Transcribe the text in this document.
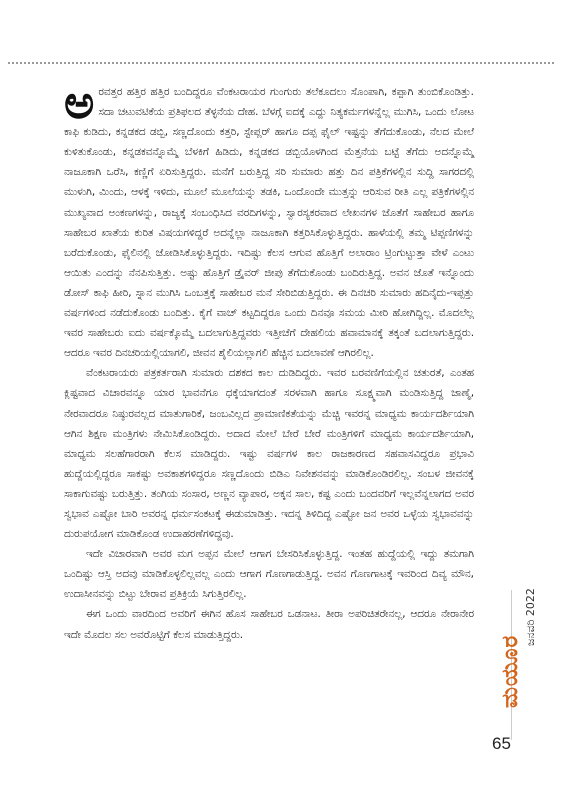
ಅರವತ್ತರ ಹತ್ತಿರ ಹತ್ತಿರ ಬಂದಿದ್ದರೂ ವೆಂಕಟರಾಯರ ಗುಂಗುರು ತಲೆಕೂದಲು ಸೊಂಪಾಗಿ, ಕಪ್ಪಾಗಿ ತುಂಬಿಕೊಂಡಿತ್ತು. ಸದಾ ಚಟುವಟಿಕೆಯ ಪ್ರತಿಫಲದ ತೆಳ್ಳನೆಯ ದೇಹ. ಬೆಳಗ್ಗೆ ಐದಕ್ಕೆ ಎದ್ದು ನಿತ್ಯಕರ್ಮಗಳನ್ನೆಲ್ಲ ಮುಗಿಸಿ, ಒಂದು ಲೋಟ ಕಾಫಿ ಕುಡಿದು, ಕನ್ನಡಕದ ಡಬ್ಬಿ, ಸಣ್ಣದೊಂದು ಕತ್ತರಿ, ಸ್ಟೇಪ್ಲರ್ ಹಾಗೂ ದಪ್ಪ ಫೈಲ್ ಇಷ್ಟನ್ನು ತೆಗೆದುಕೊಂಡು, ನೆಲದ ಮೇಲೆ ಕುಳಿತುಕೊಂಡು, ಕನ್ನಡಕವನ್ನೊಮ್ಮೆ ಬೆಳಕಿಗೆ ಹಿಡಿದು, ಕನ್ನಡಕದ ಡಬ್ಬಿಯೊಳಗಿಂದ ಮೆತ್ತನೆಯ ಬಟ್ಟೆ ತೆಗೆದು ಅದನ್ನೊಮ್ಮೆ ನಾಜೂಕಾಗಿ ಒರೆಸಿ, ಕಣ್ಣಿಗೆ ಏರಿಸುತ್ತಿದ್ದರು. ಮನೆಗೆ ಬರುತ್ತಿದ್ದ ಸರಿ ಸುಮಾರು ಹತ್ತು ದಿನ ಪತ್ರಿಕೆಗಳಲ್ಲಿನ ಸುದ್ದಿ ಸಾಗರದಲ್ಲಿ ಮುಳುಗಿ, ಮಿಂದು, ಆಳಕ್ಕೆ ಇಳಿದು, ಮೂಲೆ ಮೂಲೆಯನ್ನು ತಡಕಿ, ಒಂದೊಂದೇ ಮುತ್ತನ್ನು ಆರಿಸುವ ರೀತಿ ಎಲ್ಲ ಪತ್ರಿಕೆಗಳಲ್ಲಿನ ಮುಖ್ಯವಾದ ಅಂಕಣಗಳನ್ನು, ರಾಜ್ಯಕ್ಕೆ ಸಂಬಂಧಿಸಿದ ವರದಿಗಳನ್ನು, ಸ್ವಾರಸ್ಯಕರವಾದ ಲೇಖನಗಳ ಜೊತೆಗೆ ಸಾಹೇಬರ ಹಾಗೂ ಸಾಹೇಬರ ಖಾತೆಯ ಕುರಿತ ವಿಷಯಗಳಿದ್ದರೆ ಅದನ್ನೆಲ್ಲಾ ನಾಜೂಕಾಗಿ ಕತ್ತರಿಸಿಕೊಳ್ಳುತ್ತಿದ್ದರು. ಹಾಳೆಯಲ್ಲಿ ತಮ್ಮ ಟಿಪ್ಪಣಿಗಳನ್ನು ಬರೆದುಕೊಂಡು, ಫೈಲಿನಲ್ಲಿ ಜೋಡಿಸಿಕೊಳ್ಳುತ್ತಿದ್ದರು. ಇದಿಷ್ಟು ಕೆಲಸ ಆಗುವ ಹೊತ್ತಿಗೆ ಅಲಾರಾಂ ಟ್ರಿಂಗುಟ್ಟುತ್ತಾ ವೇಳೆ ಎಂಟು ಆಯಿತು ಎಂದನ್ನು ನೆನಪಿಸುತ್ತಿತ್ತು. ಅಷ್ಟು ಹೊತ್ತಿಗೆ ಡ್ರೈವರ್ ಜೀಪು ತೆಗೆದುಕೊಂಡು ಬಂದಿರುತ್ತಿದ್ದ. ಅವನ ಜೊತೆ ಇನ್ನೊಂದು ಡೋಸ್ ಕಾಫಿ ಹೀರಿ, ಸ್ನಾನ ಮುಗಿಸಿ ಒಂಬತ್ತಕ್ಕೆ ಸಾಹೇಬರ ಮನೆ ಸೇರಿಬಿಡುತ್ತಿದ್ದರು. ಈ ದಿನಚರಿ ಸುಮಾರು ಹದಿನೈದು-ಇಪ್ಪತ್ತು ವರ್ಷಗಳಿಂದ ನಡೆದುಕೊಂಡು ಬಂದಿತ್ತು. ಕೈಗೆ ವಾಚ್ ಕಟ್ಟದಿದ್ದರೂ ಒಂದು ದಿನವೂ ಸಮಯ ಮೀರಿ ಹೋಗಿದ್ದಿಲ್ಲ. ಮೊದಲೆಲ್ಲ ಇವರ ಸಾಹೇಬರು ಐದು ವರ್ಷಕ್ಕೊಮ್ಮೆ ಬದಲಾಗುತ್ತಿದ್ದವರು ಇತ್ತೀಚೆಗೆ ದೇಹಲಿಯ ಹವಾಮಾನಕ್ಕೆ ತಕ್ಕಂತೆ ಬದಲಾಗುತ್ತಿದ್ದರು. ಆದರೂ ಇವರ ದಿನಚರಿಯಲ್ಲಿಯಾಗಲಿ, ಜೀವನ ಶೈಲಿಯಲ್ಲಾಗಲಿ ಹೆಚ್ಚಿನ ಬದಲಾವಣೆ ಆಗಿರಲಿಲ್ಲ.

ವೆಂಕಟರಾಯರು ಪತ್ರಕರ್ತರಾಗಿ ಸುಮಾರು ದಶಕದ ಕಾಲ ದುಡಿದಿದ್ದರು. ಇವರ ಬರವಣಿಗೆಯಲ್ಲಿನ ಚತುರತೆ, ಎಂತಹ ಕ್ಲಿಷ್ಟವಾದ ವಿಚಾರವನ್ನೂ ಯಾರ ಭಾವನೆಗೂ ಧಕ್ಕೆಯಾಗದಂತೆ ಸರಳವಾಗಿ ಹಾಗೂ ಸೂಕ್ಷ್ಮವಾಗಿ ಮಂಡಿಸುತ್ತಿದ್ದ ಜಾಣ್ಮೆ, ನೇರವಾದರೂ ನಿಷ್ಠುರವಲ್ಲದ ಮಾತುಗಾರಿಕೆ, ಜಂಬವಿಲ್ಲದ ಪ್ರಾಮಾಣಿಕತೆಯನ್ನು ಮೆಚ್ಚಿ ಇವರನ್ನ ಮಾಧ್ಯಮ ಕಾರ್ಯದರ್ಶಿಯಾಗಿ ಆಗಿನ ಶಿಕ್ಷಣ ಮಂತ್ರಿಗಳು ನೇಮಿಸಿಕೊಂಡಿದ್ದರು. ಅದಾದ ಮೇಲೆ ಬೇರೆ ಬೇರೆ ಮಂತ್ರಿಗಳಿಗೆ ಮಾಧ್ಯಮ ಕಾರ್ಯದರ್ಶಿಯಾಗಿ, ಮಾಧ್ಯಮ ಸಲಹೆಗಾರರಾಗಿ ಕೆಲಸ ಮಾಡಿದ್ದರು. ಇಷ್ಟು ವರ್ಷಗಳ ಕಾಲ ರಾಜಕಾರಣದ ಸಹವಾಸವಿದ್ದರೂ ಪ್ರಭಾವಿ ಹುದ್ದೆಯಲ್ಲಿದ್ದರೂ ಸಾಕಷ್ಟು ಅವಕಾಶಗಳಿದ್ದರೂ ಸಣ್ಣದೊಂದು ಬಿಡಿಎ ನಿವೇಶನವನ್ನು ಮಾಡಿಕೊಂಡಿರಲಿಲ್ಲ. ಸಂಬಳ ಜೀವನಕ್ಕೆ ಸಾಕಾಗುವಷ್ಟು ಬರುತ್ತಿತ್ತು. ತಂಗಿಯ ಸಂಸಾರ, ಅಣ್ಣನ ವ್ಯಾಪಾರ, ಅಕ್ಕನ ಸಾಲ, ಕಷ್ಟ ಎಂದು ಬಂದವರಿಗೆ ಇಲ್ಲವೆನ್ನಲಾಗದ ಅವರ ಸ್ವಭಾವ ಎಷ್ಟೋ ಬಾರಿ ಅವರನ್ನ ಧರ್ಮಸಂಕಟಕ್ಕೆ ಈಡುಮಾಡಿತ್ತು. ಇದನ್ನ ತಿಳಿದಿದ್ದ ಎಷ್ಟೋ ಜನ ಅವರ ಒಳ್ಳೆಯ ಸ್ವಭಾವವನ್ನು ದುರುಪಯೋಗ ಮಾಡಿಕೊಂಡ ಉದಾಹರಣೆಗಳಿದ್ದವು.

ಇದೇ ವಿಚಾರವಾಗಿ ಅವರ ಮಗ ಅಪ್ಪನ ಮೇಲೆ ಆಗಾಗ ಬೇಸರಿಸಿಕೊಳ್ಳುತ್ತಿದ್ದ. ಇಂತಹ ಹುದ್ದೆಯಲ್ಲಿ ಇದ್ದು ತಮಗಾಗಿ ಒಂದಿಷ್ಟು ಆಸ್ತಿ ಅದವು ಮಾಡಿಕೊಳ್ಳಲಿಲ್ಲವಲ್ಲ ಎಂದು ಆಗಾಗ ಗೊಣಗಾಡುತ್ತಿದ್ದ. ಅವನ ಗೊಣಗಾಟಕ್ಕೆ ಇವರಿಂದ ದಿವ್ಯ ಮೌನ, ಉದಾಸೀನವನ್ನು ಬಿಟ್ಟು ಬೇರಾವ ಪ್ರತಿಕ್ರಿಯೆ ಸಿಗುತ್ತಿರಲಿಲ್ಲ.

ಈಗ ಒಂದು ವಾರದಿಂದ ಅವರಿಗೆ ಈಗಿನ ಹೊಸ ಸಾಹೇಬರ ಒಡನಾಟ. ತೀರಾ ಅಪರಿಚಿತರೇನಲ್ಲ, ಆದರೂ ನೇರಾನೇರ ಇದೇ ಮೊದಲ ಸಲ ಅವರೊಟ್ಟಿಗೆ ಕೆಲಸ ಮಾಡುತ್ತಿದ್ದರು.

ಮಯೂರ
ಜನವರಿ 2022
65
